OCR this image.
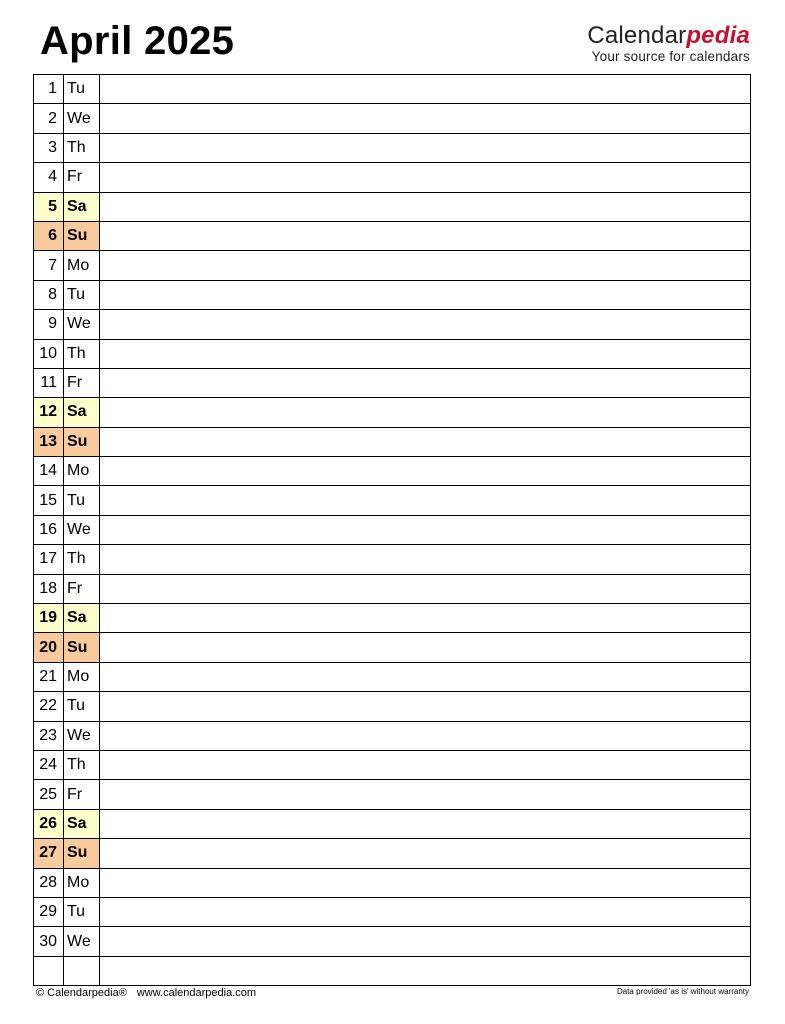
April 2025	Calendarpedia
Your source for calendars
1	Tu	
2	We	
3	Th	
4	Fr	
5	Sa	
6	Su	
7	Mo	
8	Tu	
9	We	
10	Th	
11	Fr	
12	Sa	
13	Su	
14	Mo	
15	Tu	
16	We	
17	Th	
18	Fr	
19	Sa	
20	Su	
21	Mo	
22	Tu	
23	We	
24	Th	
25	Fr	
26	Sa	
27	Su	
28	Mo	
29	Tu	
30	We	

© Calendarpedia® www.calendarpedia.com	Data provided 'as is' without warranty
